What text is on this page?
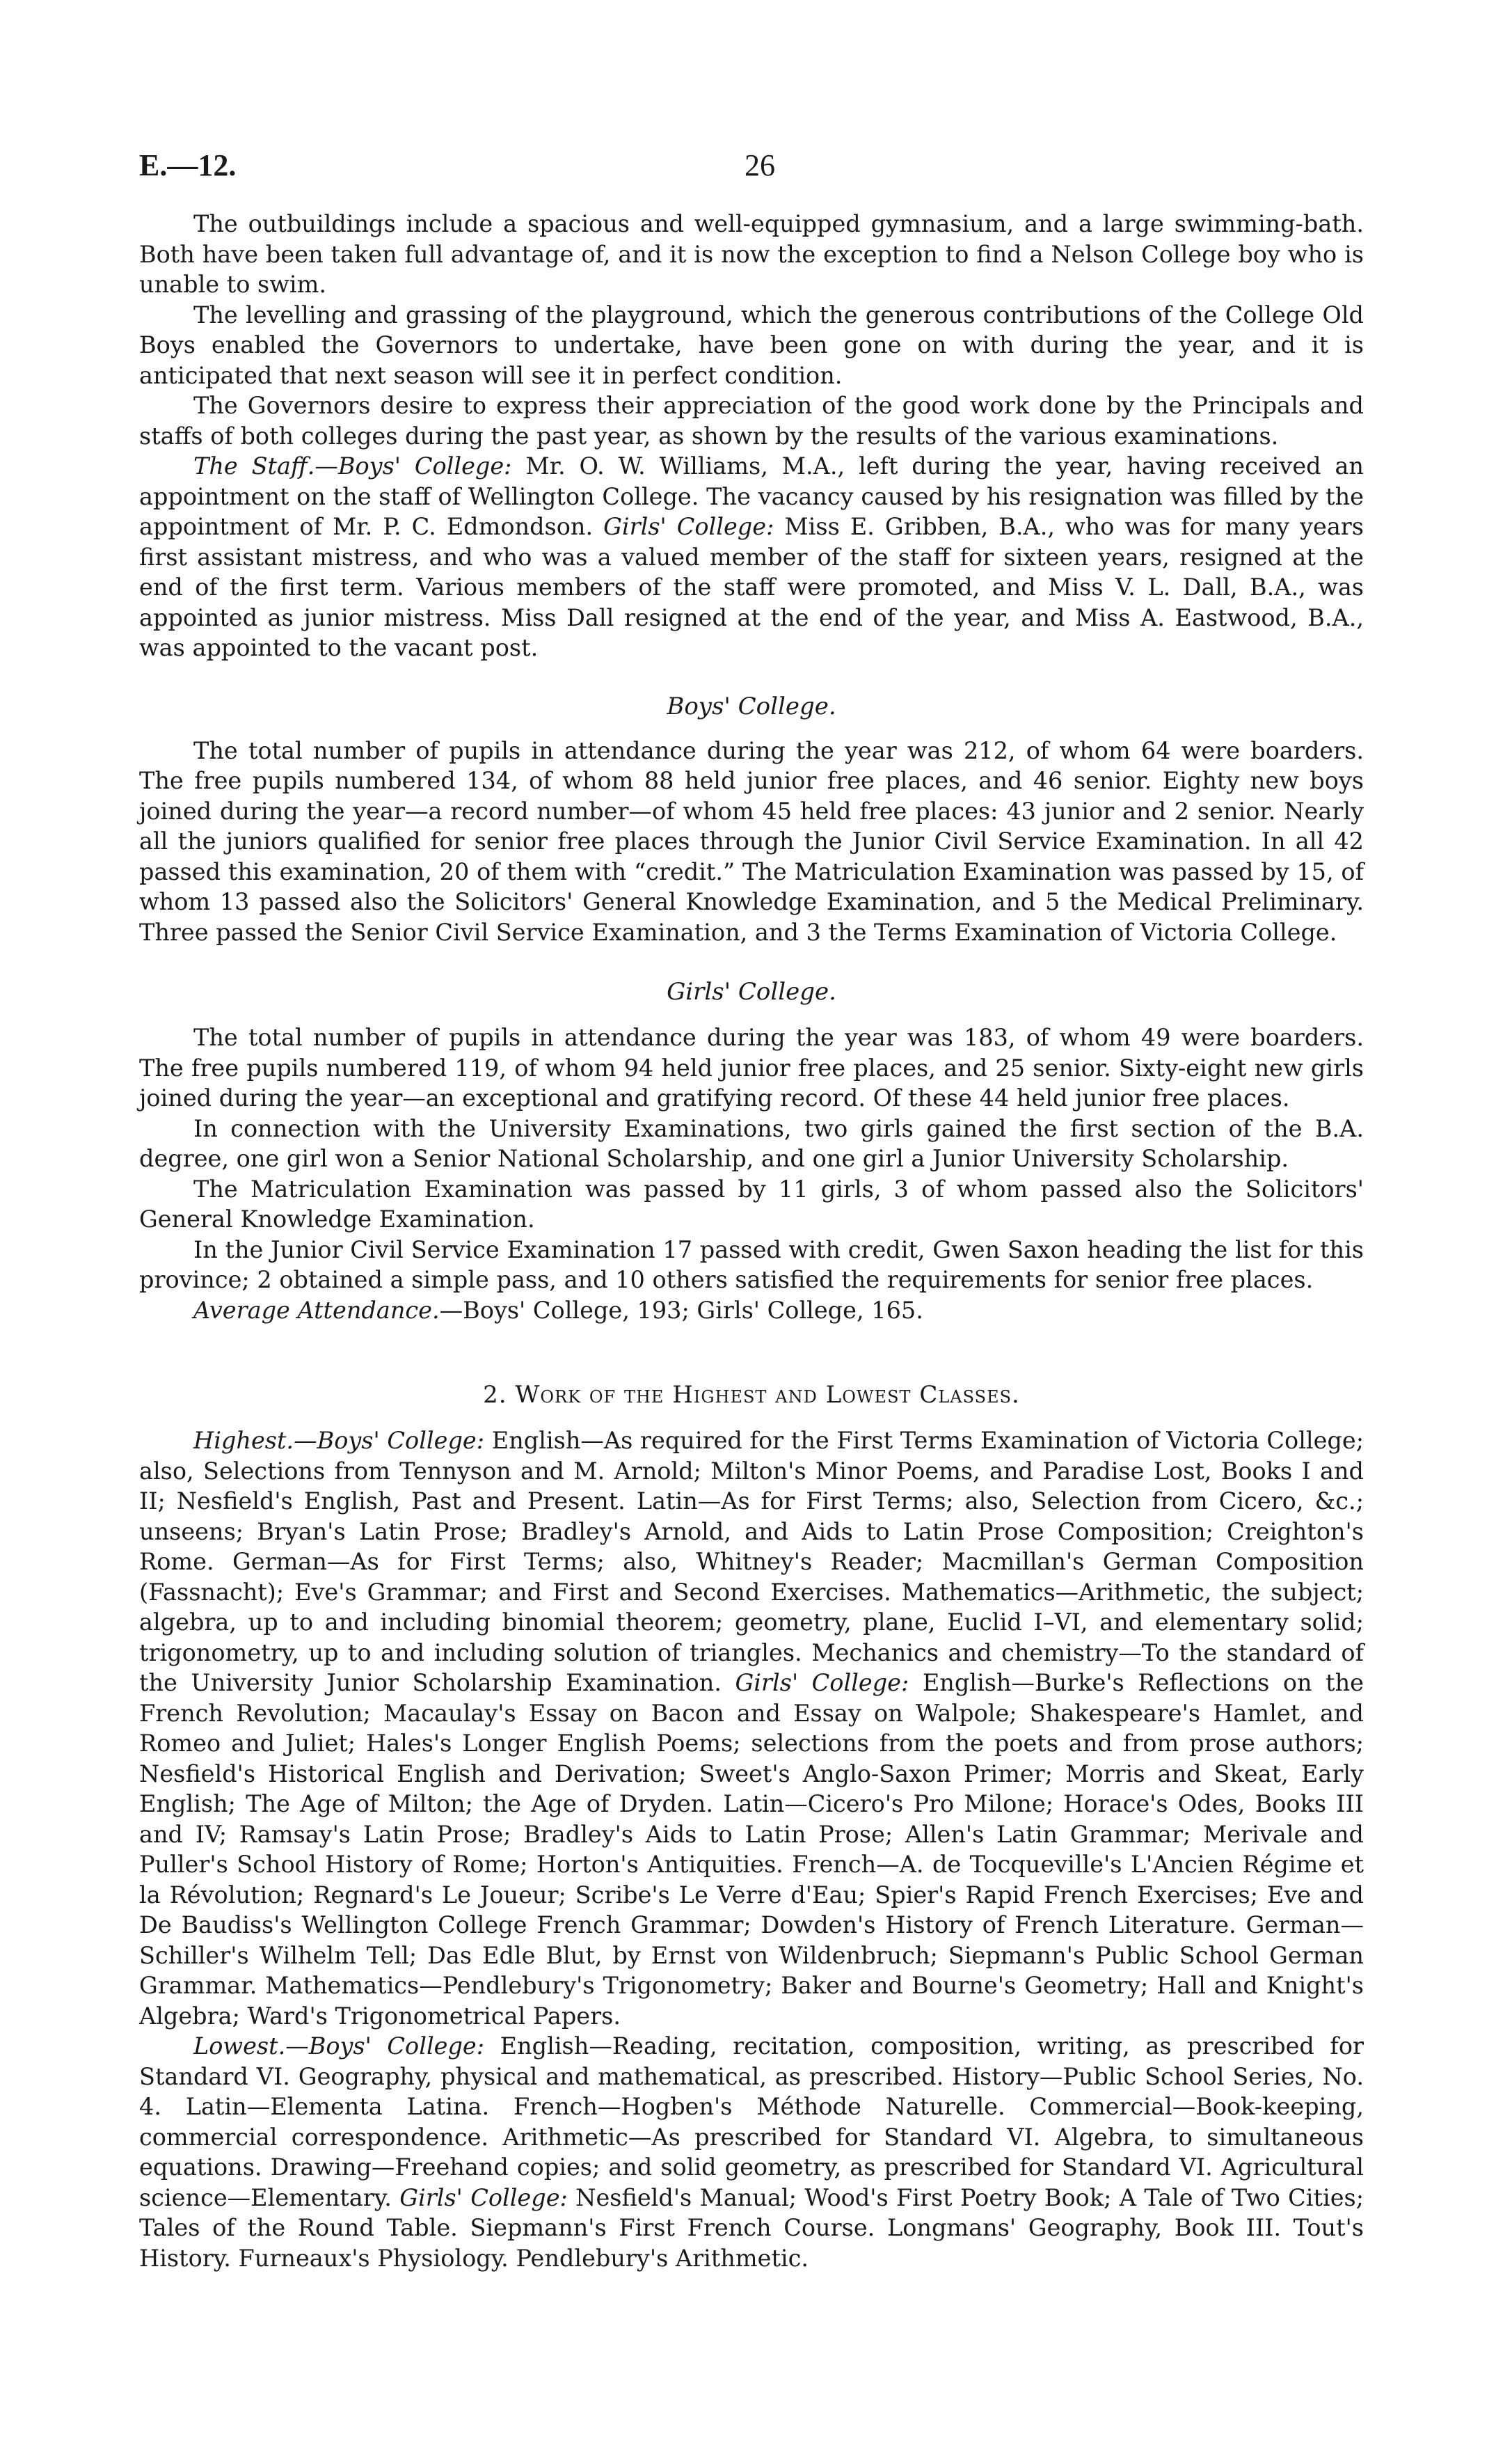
E.—12.	26

The outbuildings include a spacious and well-equipped gymnasium, and a large swimming-bath. Both have been taken full advantage of, and it is now the exception to find a Nelson College boy who is unable to swim.

The levelling and grassing of the playground, which the generous contributions of the College Old Boys enabled the Governors to undertake, have been gone on with during the year, and it is anticipated that next season will see it in perfect condition.

The Governors desire to express their appreciation of the good work done by the Principals and staffs of both colleges during the past year, as shown by the results of the various examinations.

The Staff.—Boys' College: Mr. O. W. Williams, M.A., left during the year, having received an appointment on the staff of Wellington College. The vacancy caused by his resignation was filled by the appointment of Mr. P. C. Edmondson. Girls' College: Miss E. Gribben, B.A., who was for many years first assistant mistress, and who was a valued member of the staff for sixteen years, resigned at the end of the first term. Various members of the staff were promoted, and Miss V. L. Dall, B.A., was appointed as junior mistress. Miss Dall resigned at the end of the year, and Miss A. Eastwood, B.A., was appointed to the vacant post.

Boys' College.

The total number of pupils in attendance during the year was 212, of whom 64 were boarders. The free pupils numbered 134, of whom 88 held junior free places, and 46 senior. Eighty new boys joined during the year—a record number—of whom 45 held free places: 43 junior and 2 senior. Nearly all the juniors qualified for senior free places through the Junior Civil Service Examination. In all 42 passed this examination, 20 of them with “credit.” The Matriculation Examination was passed by 15, of whom 13 passed also the Solicitors' General Knowledge Examination, and 5 the Medical Preliminary. Three passed the Senior Civil Service Examination, and 3 the Terms Examination of Victoria College.

Girls' College.

The total number of pupils in attendance during the year was 183, of whom 49 were boarders. The free pupils numbered 119, of whom 94 held junior free places, and 25 senior. Sixty-eight new girls joined during the year—an exceptional and gratifying record. Of these 44 held junior free places.

In connection with the University Examinations, two girls gained the first section of the B.A. degree, one girl won a Senior National Scholarship, and one girl a Junior University Scholarship.

The Matriculation Examination was passed by 11 girls, 3 of whom passed also the Solicitors' General Knowledge Examination.

In the Junior Civil Service Examination 17 passed with credit, Gwen Saxon heading the list for this province; 2 obtained a simple pass, and 10 others satisfied the requirements for senior free places.

Average Attendance.—Boys' College, 193; Girls' College, 165.

2. Work of the Highest and Lowest Classes.

Highest.—Boys' College: English—As required for the First Terms Examination of Victoria College; also, Selections from Tennyson and M. Arnold; Milton's Minor Poems, and Paradise Lost, Books I and II; Nesfield's English, Past and Present. Latin—As for First Terms; also, Selection from Cicero, &c.; unseens; Bryan's Latin Prose; Bradley's Arnold, and Aids to Latin Prose Composition; Creighton's Rome. German—As for First Terms; also, Whitney's Reader; Macmillan's German Composition (Fassnacht); Eve's Grammar; and First and Second Exercises. Mathematics—Arithmetic, the subject; algebra, up to and including binomial theorem; geometry, plane, Euclid I–VI, and elementary solid; trigonometry, up to and including solution of triangles. Mechanics and chemistry—To the standard of the University Junior Scholarship Examination. Girls' College: English—Burke's Reflections on the French Revolution; Macaulay's Essay on Bacon and Essay on Walpole; Shakespeare's Hamlet, and Romeo and Juliet; Hales's Longer English Poems; selections from the poets and from prose authors; Nesfield's Historical English and Derivation; Sweet's Anglo-Saxon Primer; Morris and Skeat, Early English; The Age of Milton; the Age of Dryden. Latin—Cicero's Pro Milone; Horace's Odes, Books III and IV; Ramsay's Latin Prose; Bradley's Aids to Latin Prose; Allen's Latin Grammar; Merivale and Puller's School History of Rome; Horton's Antiquities. French—A. de Tocqueville's L'Ancien Régime et la Révolution; Regnard's Le Joueur; Scribe's Le Verre d'Eau; Spier's Rapid French Exercises; Eve and De Baudiss's Wellington College French Grammar; Dowden's History of French Literature. German—Schiller's Wilhelm Tell; Das Edle Blut, by Ernst von Wildenbruch; Siepmann's Public School German Grammar. Mathematics—Pendlebury's Trigonometry; Baker and Bourne's Geometry; Hall and Knight's Algebra; Ward's Trigonometrical Papers.

Lowest.—Boys' College: English—Reading, recitation, composition, writing, as prescribed for Standard VI. Geography, physical and mathematical, as prescribed. History—Public School Series, No. 4. Latin—Elementa Latina. French—Hogben's Méthode Naturelle. Commercial—Book-keeping, commercial correspondence. Arithmetic—As prescribed for Standard VI. Algebra, to simultaneous equations. Drawing—Freehand copies; and solid geometry, as prescribed for Standard VI. Agricultural science—Elementary. Girls' College: Nesfield's Manual; Wood's First Poetry Book; A Tale of Two Cities; Tales of the Round Table. Siepmann's First French Course. Longmans' Geography, Book III. Tout's History. Furneaux's Physiology. Pendlebury's Arithmetic.
